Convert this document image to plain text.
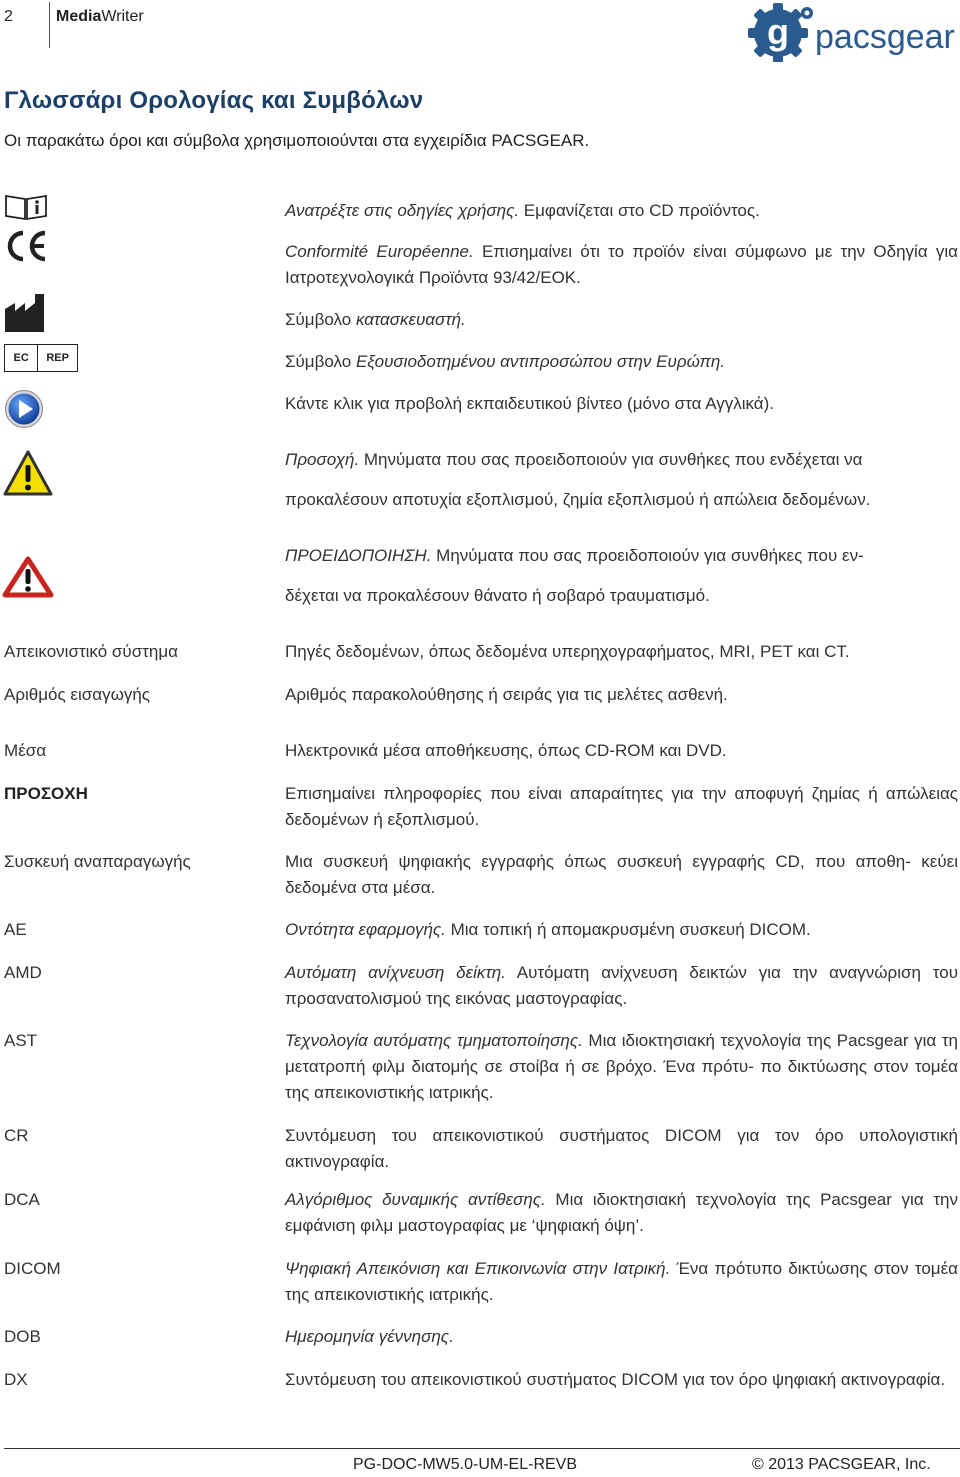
2	MediaWriter	g pacsgear
Γλωσσάρι Ορολογίας και Συμβόλων
Οι παρακάτω όροι και σύμβολα χρησιμοποιούνται στα εγχειρίδια PACSGEAR.
EC	REP
Ανατρέξτε στις οδηγίες χρήσης. Εμφανίζεται στο CD προϊόντος.
Conformité Européenne. Επισημαίνει ότι το προϊόν είναι σύμφωνο με την Οδηγία για Ιατροτεχνολογικά Προϊόντα 93/42/ΕΟΚ.
Σύμβολο κατασκευαστή.
Σύμβολο Εξουσιοδοτημένου αντιπροσώπου στην Ευρώπη.
Κάντε κλικ για προβολή εκπαιδευτικού βίντεο (μόνο στα Αγγλικά).
Προσοχή. Μηνύματα που σας προειδοποιούν για συνθήκες που ενδέχεται να
προκαλέσουν αποτυχία εξοπλισμού, ζημία εξοπλισμού ή απώλεια δεδομένων.
ΠΡΟΕΙΔΟΠΟΙΗΣΗ. Μηνύματα που σας προειδοποιούν για συνθήκες που εν-
δέχεται να προκαλέσουν θάνατο ή σοβαρό τραυματισμό.
Απεικονιστικό σύστημα	Πηγές δεδομένων, όπως δεδομένα υπερηχογραφήματος, MRI, PET και CT.
Αριθμός εισαγωγής	Αριθμός παρακολούθησης ή σειράς για τις μελέτες ασθενή.
Μέσα	Ηλεκτρονικά μέσα αποθήκευσης, όπως CD-ROM και DVD.
ΠΡΟΣΟΧΗ	Επισημαίνει πληροφορίες που είναι απαραίτητες για την αποφυγή ζημίας ή απώλειας δεδομένων ή εξοπλισμού.
Συσκευή αναπαραγωγής	Μια συσκευή ψηφιακής εγγραφής όπως συσκευή εγγραφής CD, που αποθη- κεύει δεδομένα στα μέσα.
AE	Οντότητα εφαρμογής. Μια τοπική ή απομακρυσμένη συσκευή DICOM.
AMD	Αυτόματη ανίχνευση δείκτη. Αυτόματη ανίχνευση δεικτών για την αναγνώριση του προσανατολισμού της εικόνας μαστογραφίας.
AST	Τεχνολογία αυτόματης τμηματοποίησης. Μια ιδιοκτησιακή τεχνολογία της Pacsgear για τη μετατροπή φιλμ διατομής σε στοίβα ή σε βρόχο. Ένα πρότυ- πο δικτύωσης στον τομέα της απεικονιστικής ιατρικής.
CR	Συντόμευση του απεικονιστικού συστήματος DICOM για τον όρο υπολογιστική ακτινογραφία.
DCA	Αλγόριθμος δυναμικής αντίθεσης. Μια ιδιοκτησιακή τεχνολογία της Pacsgear για την εμφάνιση φιλμ μαστογραφίας με ‘ψηφιακή όψη’.
DICOM	Ψηφιακή Απεικόνιση και Επικοινωνία στην Ιατρική. Ένα πρότυπο δικτύωσης στον τομέα της απεικονιστικής ιατρικής.
DOB	Ημερομηνία γέννησης.
DX	Συντόμευση του απεικονιστικού συστήματος DICOM για τον όρο ψηφιακή ακτινογραφία.
PG-DOC-MW5.0-UM-EL-REVB	© 2013 PACSGEAR, Inc.
